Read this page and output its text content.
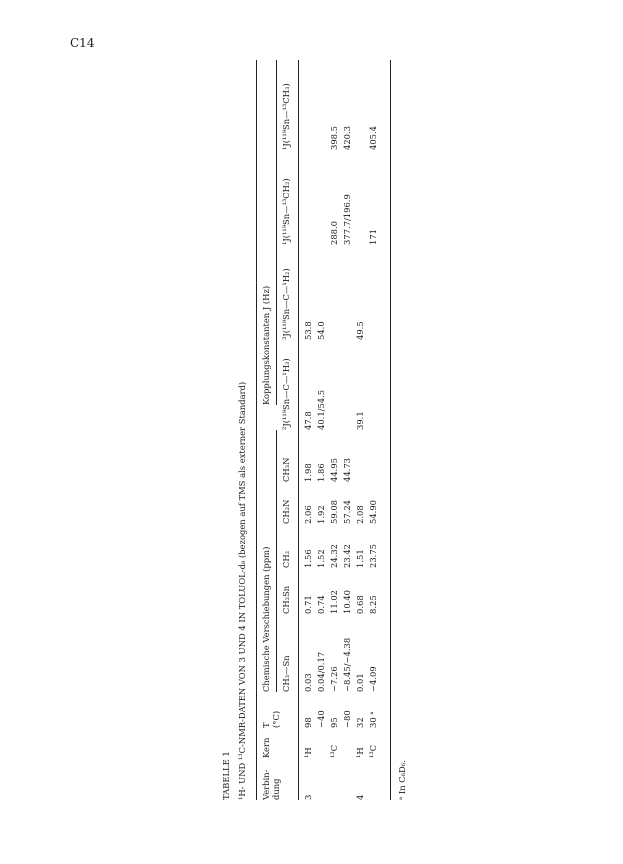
C14
TABELLE 1 ¹H- UND ¹³C-NMR-DATEN VON 3 UND 4 IN TOLUOL-d₈ (bezogen auf TMS als externer Standard) Verbin- dung
Kern
T (°C)
Chemische Verschiebungen (ppm)
Kopplungskonstanten J (Hz)
CH₃—Sn
CH₂Sn
CH₂
CH₂N
CH₃N
²J(¹¹⁹Sn—C—¹H₃)
³J(¹¹⁹Sn—C—¹H₂)
¹J(¹¹⁹Sn—¹³CH₂)
¹J(¹¹⁹Sn—¹³CH₃)
3
¹H
98
0.03
0.71
1.56
2.06
1.98
47.8
53.8
−40
0.04/0.17
0.74
1.52
1.92
1.86
40.1/54.5
54.0
¹³C
95
−7.26
11.02
24.32
59.08
44.95
288.0
398.5
−80
−8.45/−4.38
10.40
23.42
57.24
44.73
377.7/196.9
420.3
4
¹H
32
0.01
0.68
1.51
2.08
39.1
49.5
¹³C
30 ᵃ
−4.09
8.25
23.75
54.90
171
405.4
ᵃ In C₆D₆.
